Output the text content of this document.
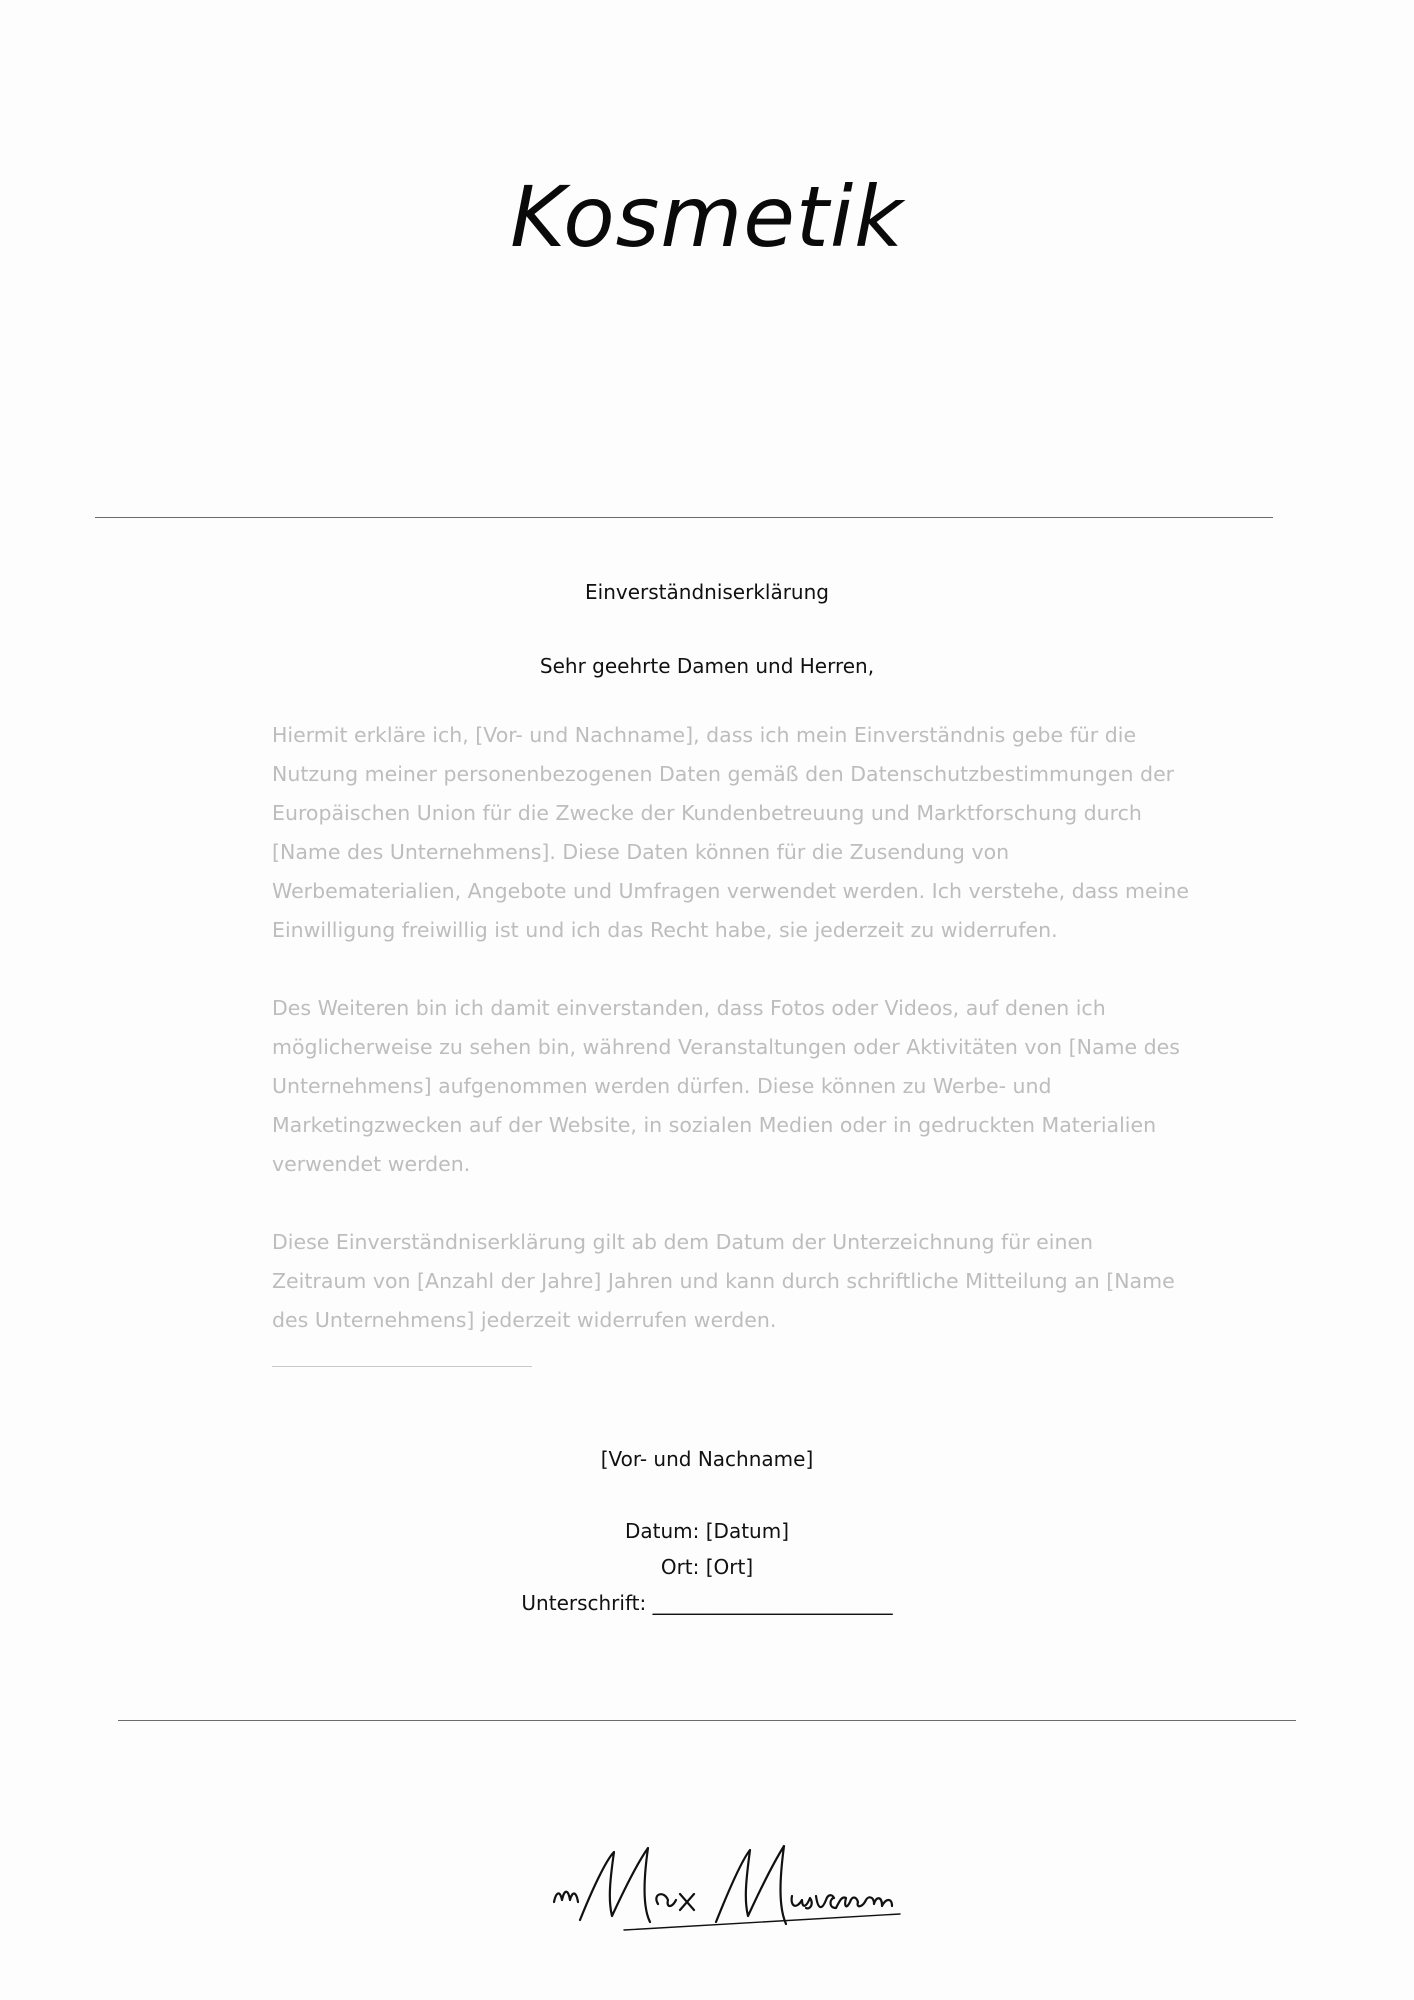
Kosmetik
Einverständniserklärung
Sehr geehrte Damen und Herren,

Hiermit erkläre ich, [Vor- und Nachname], dass ich mein Einverständnis gebe für die Nutzung meiner personenbezogenen Daten gemäß den Datenschutzbestimmungen der Europäischen Union für die Zwecke der Kundenbetreuung und Marktforschung durch [Name des Unternehmens]. Diese Daten können für die Zusendung von Werbematerialien, Angebote und Umfragen verwendet werden. Ich verstehe, dass meine Einwilligung freiwillig ist und ich das Recht habe, sie jederzeit zu widerrufen.

Des Weiteren bin ich damit einverstanden, dass Fotos oder Videos, auf denen ich möglicherweise zu sehen bin, während Veranstaltungen oder Aktivitäten von [Name des Unternehmens] aufgenommen werden dürfen. Diese können zu Werbe- und Marketingzwecken auf der Website, in sozialen Medien oder in gedruckten Materialien verwendet werden.

Diese Einverständniserklärung gilt ab dem Datum der Unterzeichnung für einen Zeitraum von [Anzahl der Jahre] Jahren und kann durch schriftliche Mitteilung an [Name des Unternehmens] jederzeit widerrufen werden.

[Vor- und Nachname]
Datum: [Datum]
Ort: [Ort]
Unterschrift: ________________________
